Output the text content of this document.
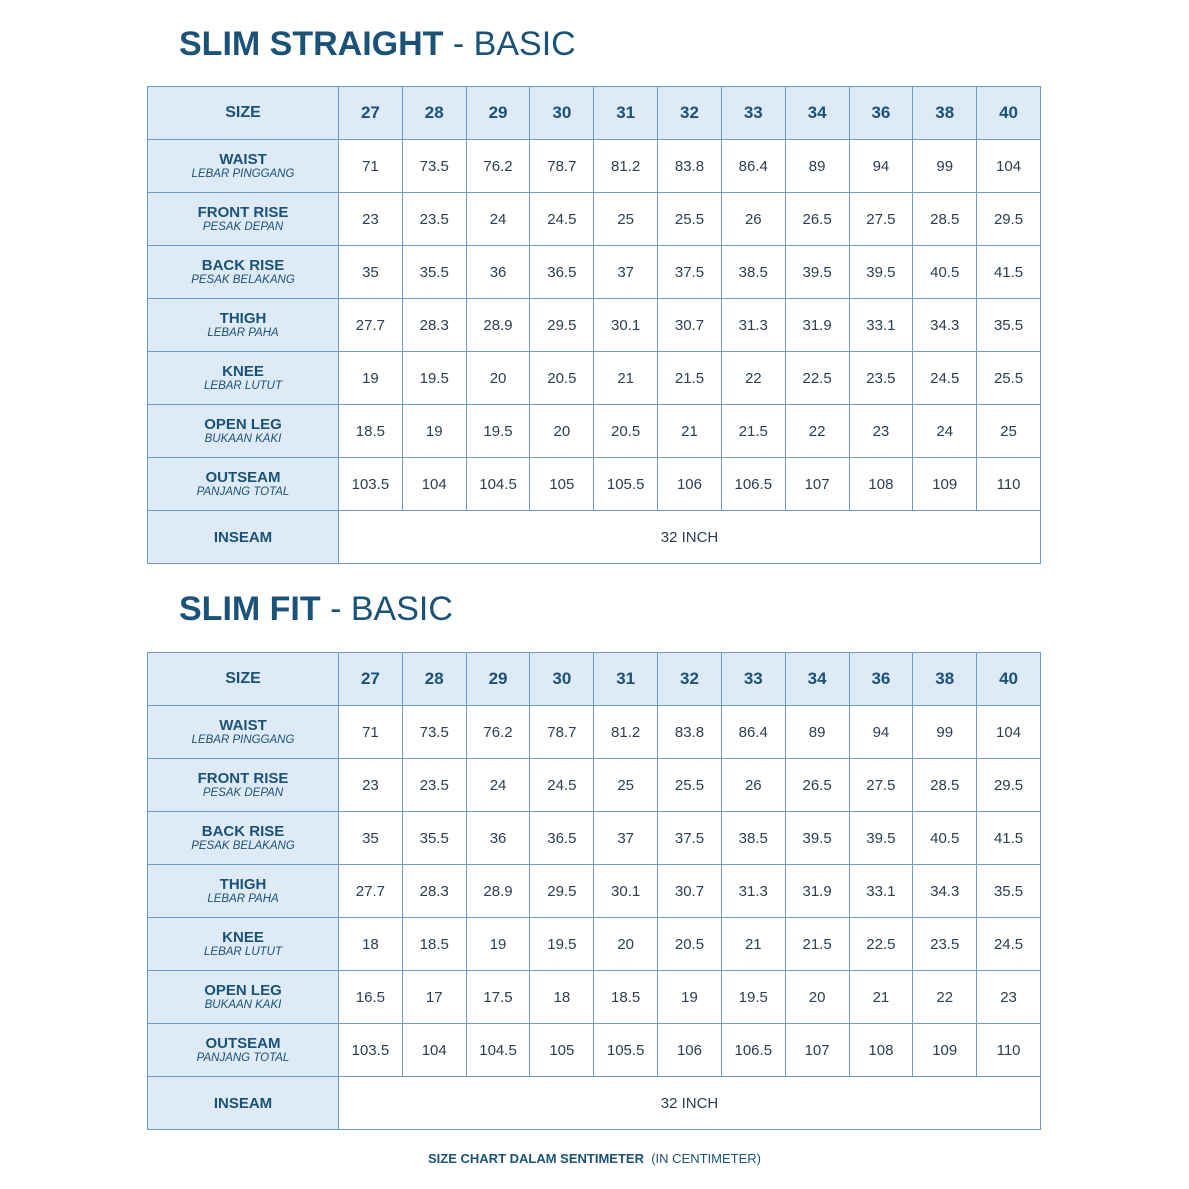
SLIM STRAIGHT - BASIC
SIZE	27	28	29	30	31	32	33	34	36	38	40

WAIST
LEBAR PINGGANG	71	73.5	76.2	78.7	81.2	83.8	86.4	89	94	99	104

FRONT RISE
PESAK DEPAN	23	23.5	24	24.5	25	25.5	26	26.5	27.5	28.5	29.5

BACK RISE
PESAK BELAKANG	35	35.5	36	36.5	37	37.5	38.5	39.5	39.5	40.5	41.5

THIGH
LEBAR PAHA	27.7	28.3	28.9	29.5	30.1	30.7	31.3	31.9	33.1	34.3	35.5

KNEE
LEBAR LUTUT	19	19.5	20	20.5	21	21.5	22	22.5	23.5	24.5	25.5

OPEN LEG
BUKAAN KAKI	18.5	19	19.5	20	20.5	21	21.5	22	23	24	25

OUTSEAM
PANJANG TOTAL	103.5	104	104.5	105	105.5	106	106.5	107	108	109	110
INSEAM	32 INCH										
SLIM FIT - BASIC
SIZE	27	28	29	30	31	32	33	34	36	38	40

WAIST
LEBAR PINGGANG	71	73.5	76.2	78.7	81.2	83.8	86.4	89	94	99	104

FRONT RISE
PESAK DEPAN	23	23.5	24	24.5	25	25.5	26	26.5	27.5	28.5	29.5

BACK RISE
PESAK BELAKANG	35	35.5	36	36.5	37	37.5	38.5	39.5	39.5	40.5	41.5

THIGH
LEBAR PAHA	27.7	28.3	28.9	29.5	30.1	30.7	31.3	31.9	33.1	34.3	35.5

KNEE
LEBAR LUTUT	18	18.5	19	19.5	20	20.5	21	21.5	22.5	23.5	24.5

OPEN LEG
BUKAAN KAKI	16.5	17	17.5	18	18.5	19	19.5	20	21	22	23

OUTSEAM
PANJANG TOTAL	103.5	104	104.5	105	105.5	106	106.5	107	108	109	110
INSEAM	32 INCH										
SIZE CHART DALAM SENTIMETER (IN CENTIMETER)
